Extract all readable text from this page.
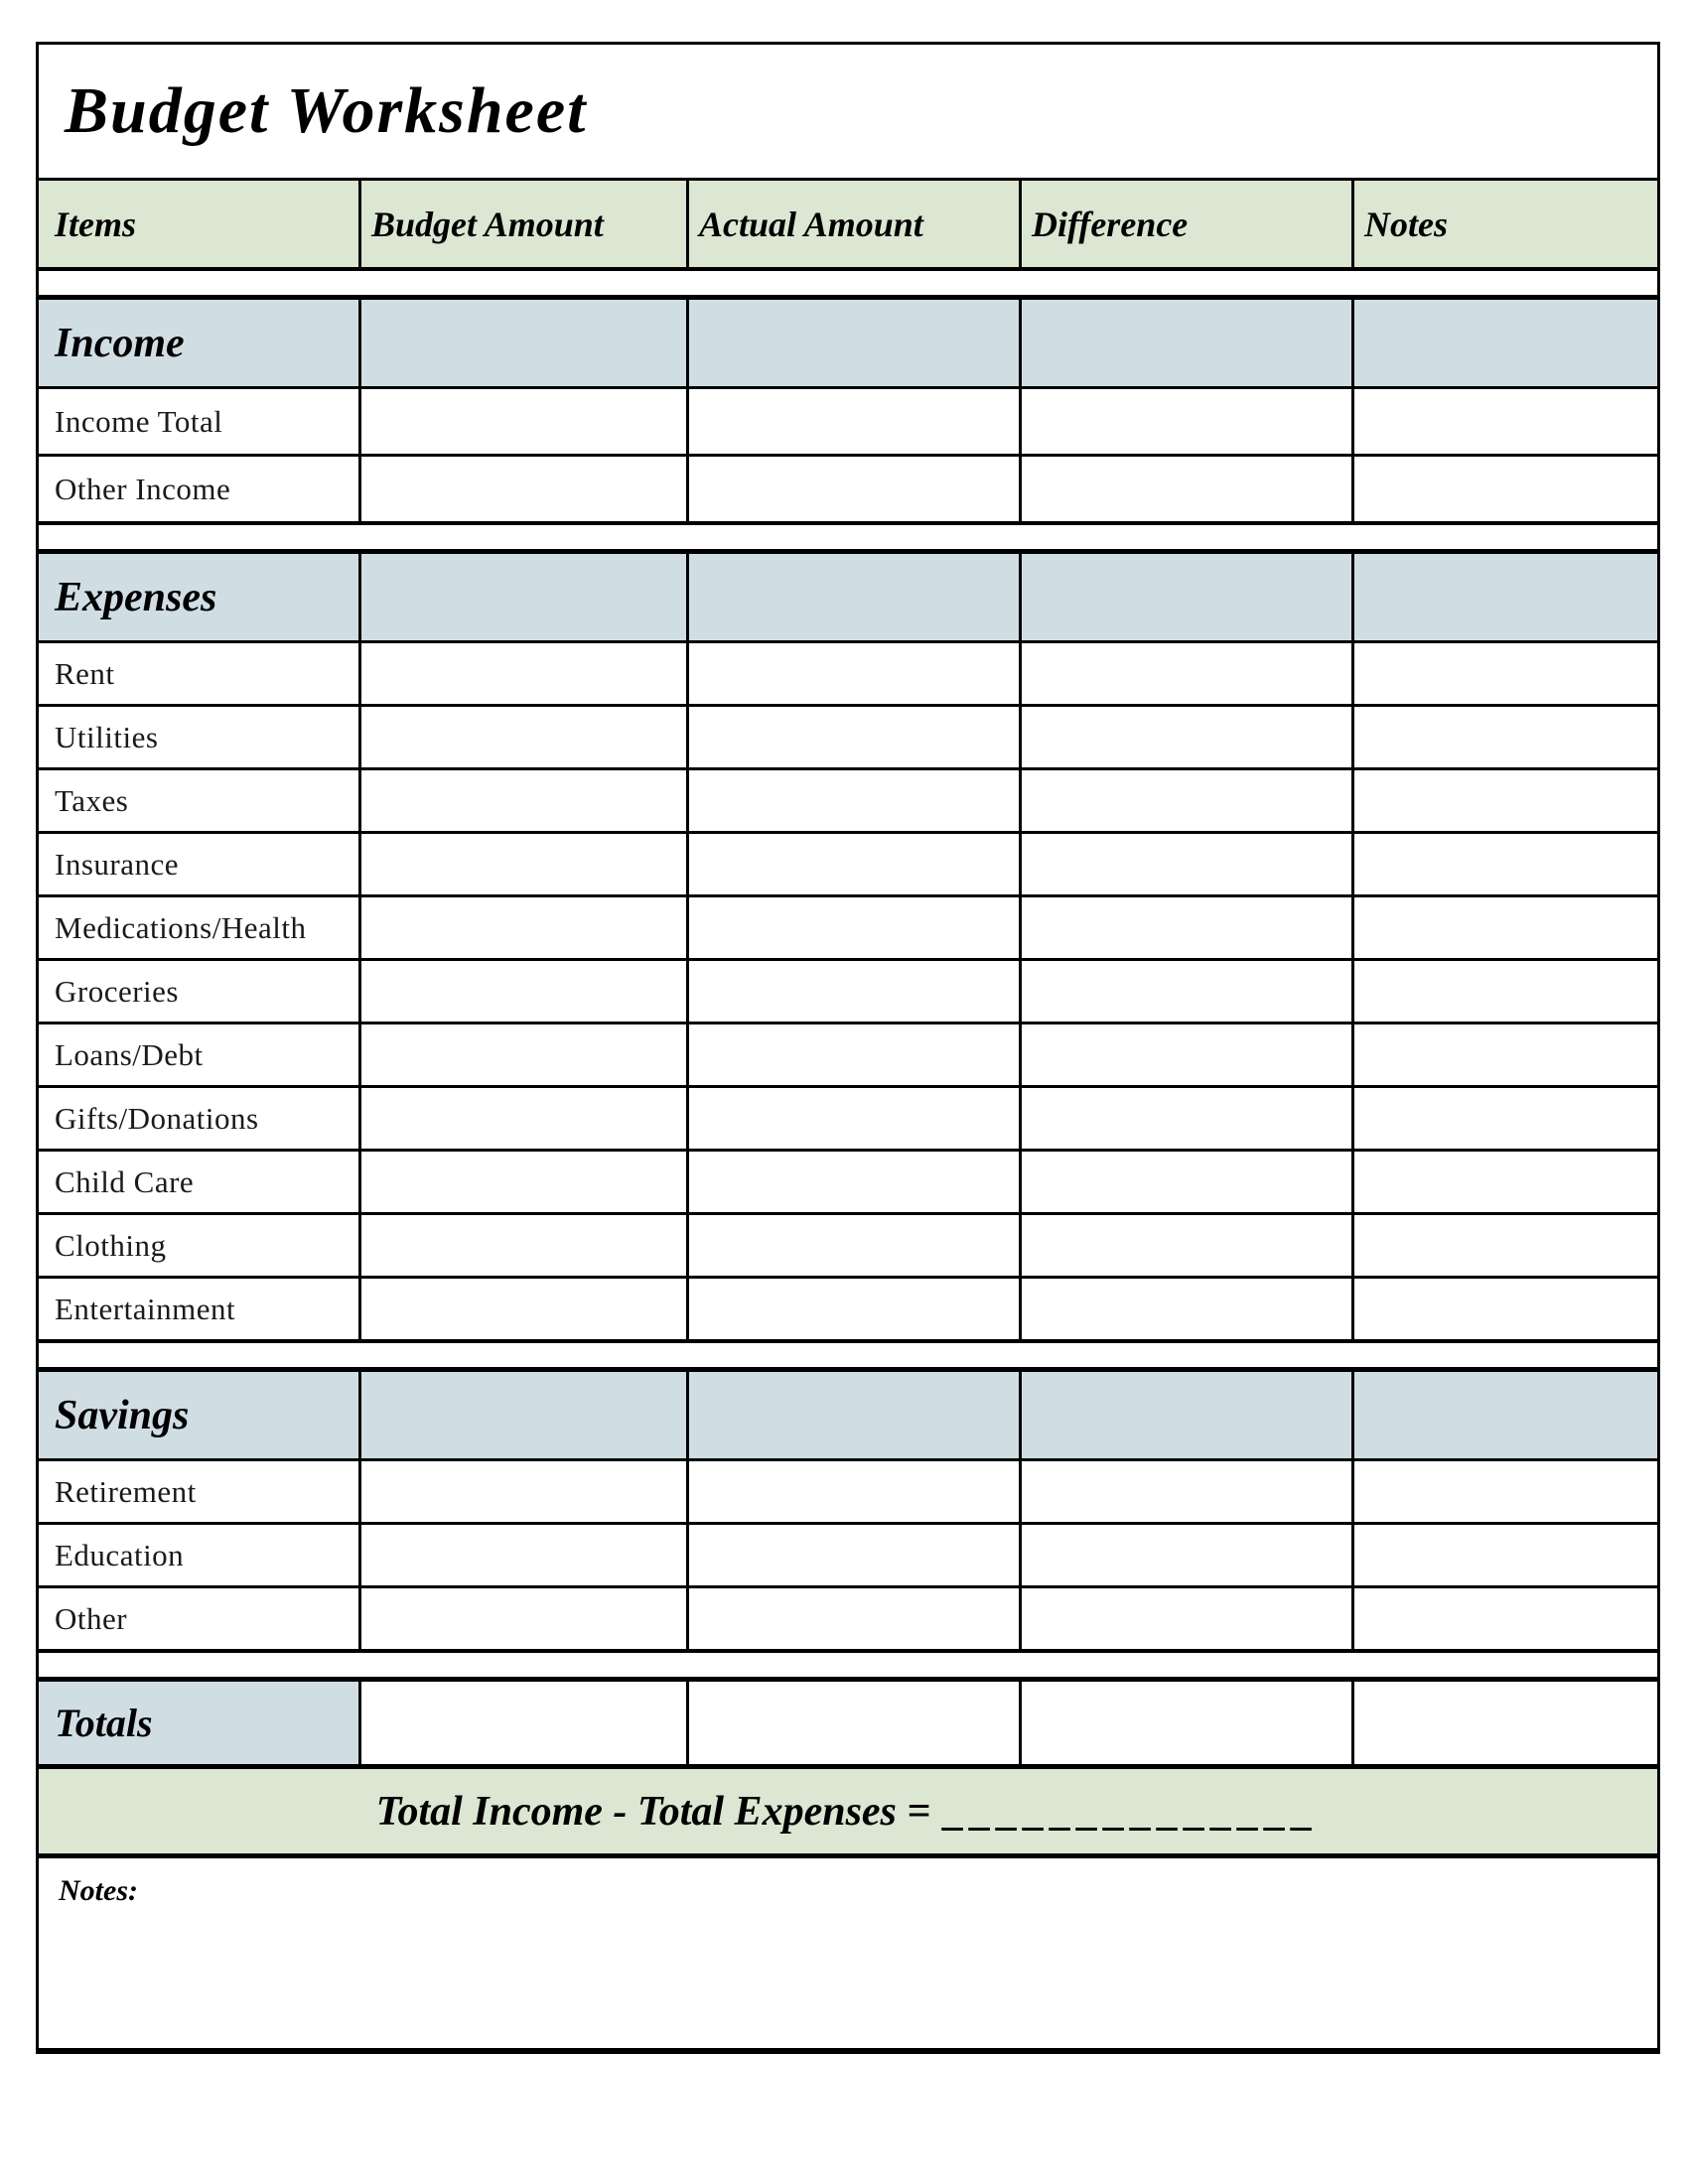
Budget Worksheet
Items	Budget Amount	Actual Amount	Difference	Notes
Income
Income Total
Other Income
Expenses
Rent
Utilities
Taxes
Insurance
Medications/Health
Groceries
Loans/Debt
Gifts/Donations
Child Care
Clothing
Entertainment
Savings
Retirement
Education
Other
Totals
Total Income - Total Expenses = ______________
Notes:
